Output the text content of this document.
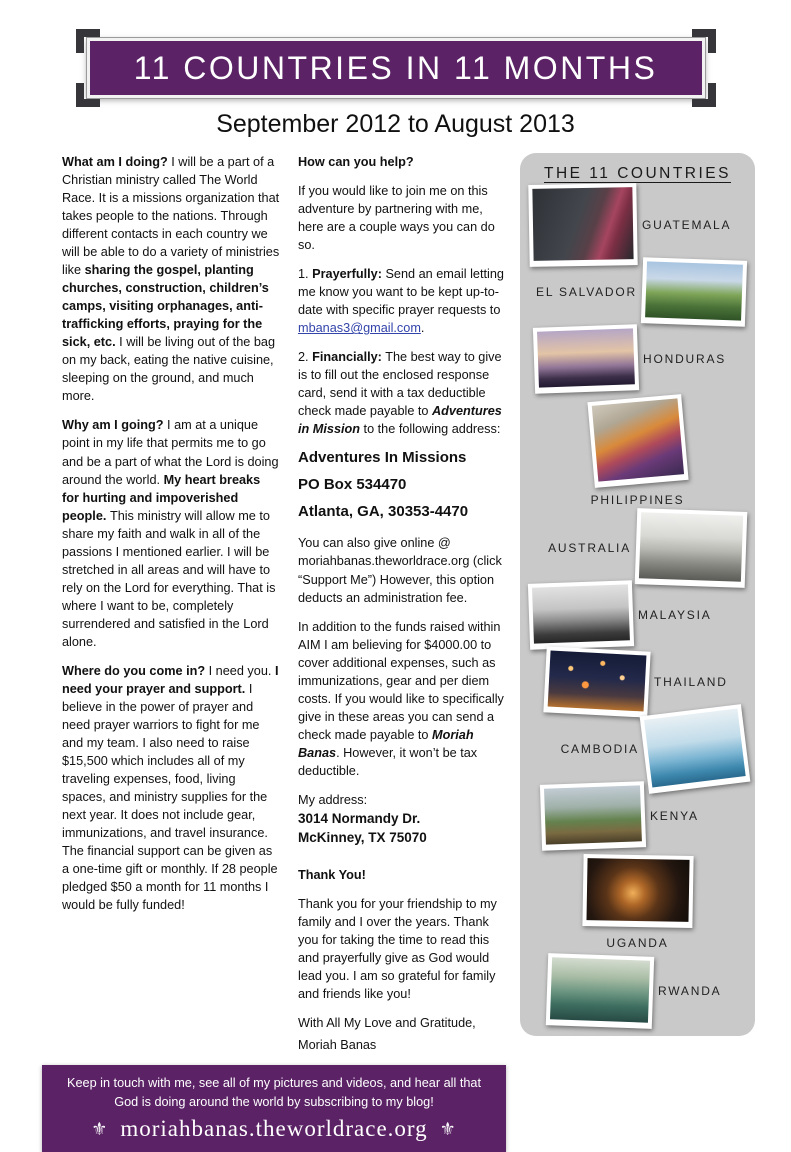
11 COUNTRIES IN 11 MONTHS
September 2012 to August 2013

What am I doing? I will be a part of a Christian ministry called The World Race. It is a missions organization that takes people to the nations. Through different contacts in each country we will be able to do a variety of ministries like sharing the gospel, planting churches, construction, children’s camps, visiting orphanages, anti-trafficking efforts, praying for the sick, etc. I will be living out of the bag on my back, eating the native cuisine, sleeping on the ground, and much more.

Why am I going? I am at a unique point in my life that permits me to go and be a part of what the Lord is doing around the world. My heart breaks for hurting and impoverished people. This ministry will allow me to share my faith and walk in all of the passions I mentioned earlier. I will be stretched in all areas and will have to rely on the Lord for everything. That is where I want to be, completely surrendered and satisfied in the Lord alone.

Where do you come in? I need you. I need your prayer and support. I believe in the power of prayer and need prayer warriors to fight for me and my team. I also need to raise $15,500 which includes all of my traveling expenses, food, living spaces, and ministry supplies for the next year. It does not include gear, immunizations, and travel insurance. The financial support can be given as a one-time gift or monthly. If 28 people pledged $50 a month for 11 months I would be fully funded!

How can you help?

If you would like to join me on this adventure by partnering with me, here are a couple ways you can do so.

1. Prayerfully: Send an email letting me know you want to be kept up-to-date with specific prayer requests to mbanas3@gmail.com.

2. Financially: The best way to give is to fill out the enclosed response card, send it with a tax deductible check made payable to Adventures in Mission to the following address:

Adventures In Missions

PO Box 534470

Atlanta, GA, 30353-4470

You can also give online @ moriahbanas.theworldrace.org (click “Support Me”) However, this option deducts an administration fee.

In addition to the funds raised within AIM I am believing for $4000.00 to cover additional expenses, such as immunizations, gear and per diem costs. If you would like to specifically give in these areas you can send a check made payable to Moriah Banas. However, it won’t be tax deductible.

My address:

3014 Normandy Dr.

McKinney, TX 75070

Thank You!

Thank you for your friendship to my family and I over the years. Thank you for taking the time to read this and prayerfully give as God would lead you. I am so grateful for family and friends like you!

With All My Love and Gratitude,

Moriah Banas

Keep in touch with me, see all of my pictures and videos, and hear all that God is doing around the world by subscribing to my blog!

⚜ moriahbanas.theworldrace.org ⚜
THE 11 COUNTRIES
GUATEMALA
EL SALVADOR
HONDURAS
PHILIPPINES
AUSTRALIA
MALAYSIA
THAILAND
CAMBODIA
KENYA
UGANDA
RWANDA
